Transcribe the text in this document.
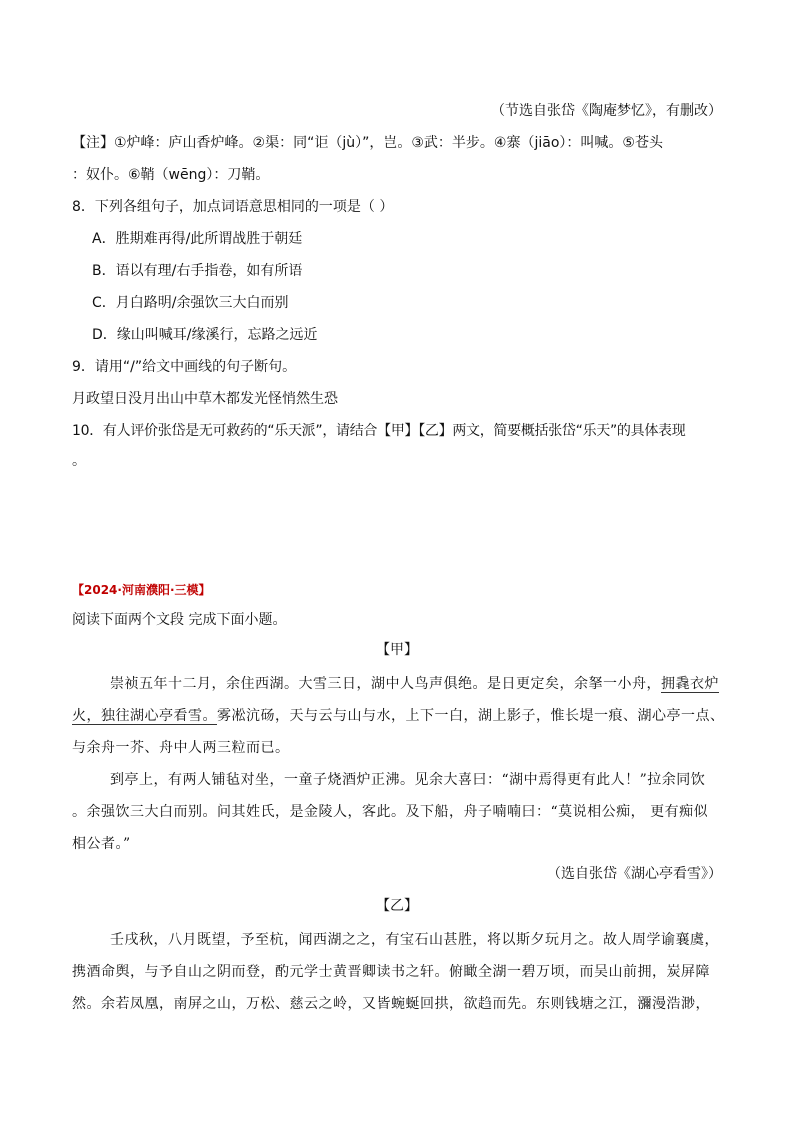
（节选自张岱《陶庵梦忆》，有删改）
【注】①炉峰：庐山香炉峰。②渠：同“讵（jù）”，岂。③武：半步。④寨（jiāo）：叫喊。⑤苍头
：奴仆。⑥鞘（wēng）：刀鞘。
8．下列各组句子，加点词语意思相同的一项是（ ）
A．胜期难再得/此所谓战胜于朝廷
B．语以有理/右手指卷，如有所语
C．月白路明/余强饮三大白而别
D．缘山叫喊耳/缘溪行，忘路之远近
9．请用“/”给文中画线的句子断句。
月政望日没月出山中草木都发光怪悄然生恐
10．有人评价张岱是无可救药的“乐天派”，请结合【甲】【乙】两文，简要概括张岱“乐天”的具体表现
。
【2024·河南濮阳·三模】
阅读下面两个文段 完成下面小题。
【甲】
崇祯五年十二月，余住西湖。大雪三日，湖中人鸟声俱绝。是日更定矣，余拏一小舟，拥毳衣炉
火，独往湖心亭看雪。雾凇沆砀，天与云与山与水，上下一白，湖上影子，惟长堤一痕、湖心亭一点、
与余舟一芥、舟中人两三粒而已。
到亭上，有两人铺毡对坐，一童子烧酒炉正沸。见余大喜曰：“湖中焉得更有此人！”拉余同饮
。余强饮三大白而别。问其姓氏，是金陵人，客此。及下船，舟子喃喃曰：“莫说相公痴， 更有痴似
相公者。”
（选自张岱《湖心亭看雪》）
【乙】
壬戌秋，八月既望，予至杭，闻西湖之之，有宝石山甚胜，将以斯夕玩月之。故人周学谕襄虞，
携酒命舆，与予自山之阴而登，酌元学士黄晋卿读书之轩。俯瞰全湖一碧万顷，而吴山前拥，炭屏障
然。余若凤凰，南屏之山，万松、慈云之岭，又皆蜿蜒回拱，欲趋而先。东则钱塘之江，瀰漫浩渺，
